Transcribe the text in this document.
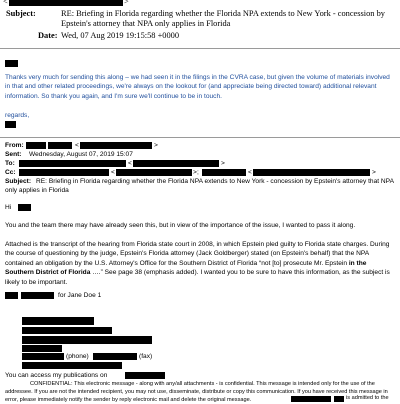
<	>
Subject:	RE: Briefing in Florida regarding whether the Florida NPA extends to New York - concession by Epstein's attorney that NPA only applies in Florida
Date: Wed, 07 Aug 2019 19:15:58 +0000
Thanks very much for sending this along – we had seen it in the filings in the CVRA case, but given the volume of materials involved in that and other related proceedings, we're always on the lookout for (and appreciate being directed toward) additional relevant information. So thank you again, and I'm sure we'll continue to be in touch.
regards,
From:	<	>
Sent: Wednesday, August 07, 2019 15:07
To:	<	>
Cc:	<	> ;	<	>
Subject: RE: Briefing in Florida regarding whether the Florida NPA extends to New York - concession by Epstein's attorney that NPA only applies in Florida
Hi
You and the team there may have already seen this, but in view of the importance of the issue, I wanted to pass it along.
Attached is the transcript of the hearing from Florida state court in 2008, in which Epstein pled guilty to Florida state charges. During the course of questioning by the judge, Epstein's Florida attorney (Jack Goldberger) stated (on Epstein's behalf) that the NPA contained an obligation by the U.S. Attorney's Office for the Southern District of Florida “not [to] prosecute Mr. Epstein in the Southern District of Florida ….” See page 38 (emphasis added). I wanted you to be sure to have this information, as the subject is likely to be important.
for Jane Doe 1
(phone)	(fax)
You can access my publications on
CONFIDENTIAL: This electronic message - along with any/all attachments - is confidential. This message is intended only for the use of the addressee. If you are not the intended recipient, you may not use, disseminate, distribute or copy this communication. If you have received this message in error, please immediately notify the sender by reply electronic mail and delete the original message.	is admitted to the
